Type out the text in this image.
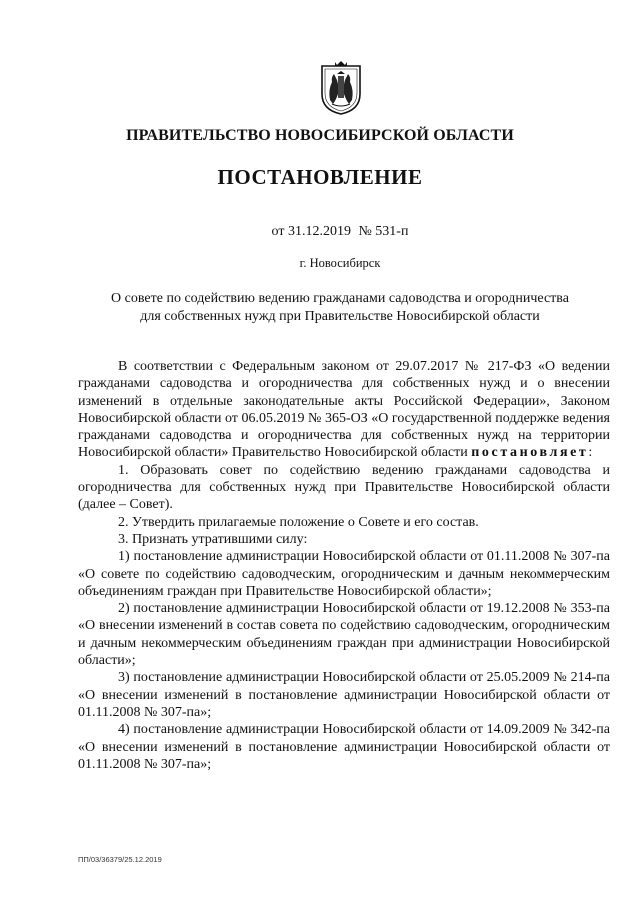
ПРАВИТЕЛЬСТВО НОВОСИБИРСКОЙ ОБЛАСТИ
ПОСТАНОВЛЕНИЕ
от 31.12.2019 № 531-п
г. Новосибирск
О совете по содействию ведению гражданами садоводства и огородничества
для собственных нужд при Правительстве Новосибирской области

В соответствии с Федеральным законом от 29.07.2017 № 217-ФЗ «О ведении гражданами садоводства и огородничества для собственных нужд и о внесении изменений в отдельные законодательные акты Российской Федерации», Законом Новосибирской области от 06.05.2019 № 365-ОЗ «О государственной поддержке ведения гражданами садоводства и огородничества для собственных нужд на территории Новосибирской области» Правительство Новосибирской области постановляет:

1. Образовать совет по содействию ведению гражданами садоводства и огородничества для собственных нужд при Правительстве Новосибирской области (далее – Совет).

2. Утвердить прилагаемые положение о Совете и его состав.

3. Признать утратившими силу:

1) постановление администрации Новосибирской области от 01.11.2008 № 307-па «О совете по содействию садоводческим, огородническим и дачным некоммерческим объединениям граждан при Правительстве Новосибирской области»;

2) постановление администрации Новосибирской области от 19.12.2008 № 353-па «О внесении изменений в состав совета по содействию садоводческим, огородническим и дачным некоммерческим объединениям граждан при администрации Новосибирской области»;

3) постановление администрации Новосибирской области от 25.05.2009 № 214-па «О внесении изменений в постановление администрации Новосибирской области от 01.11.2008 № 307-па»;

4) постановление администрации Новосибирской области от 14.09.2009 № 342-па «О внесении изменений в постановление администрации Новосибирской области от 01.11.2008 № 307-па»;

ПП/03/36379/25.12.2019
